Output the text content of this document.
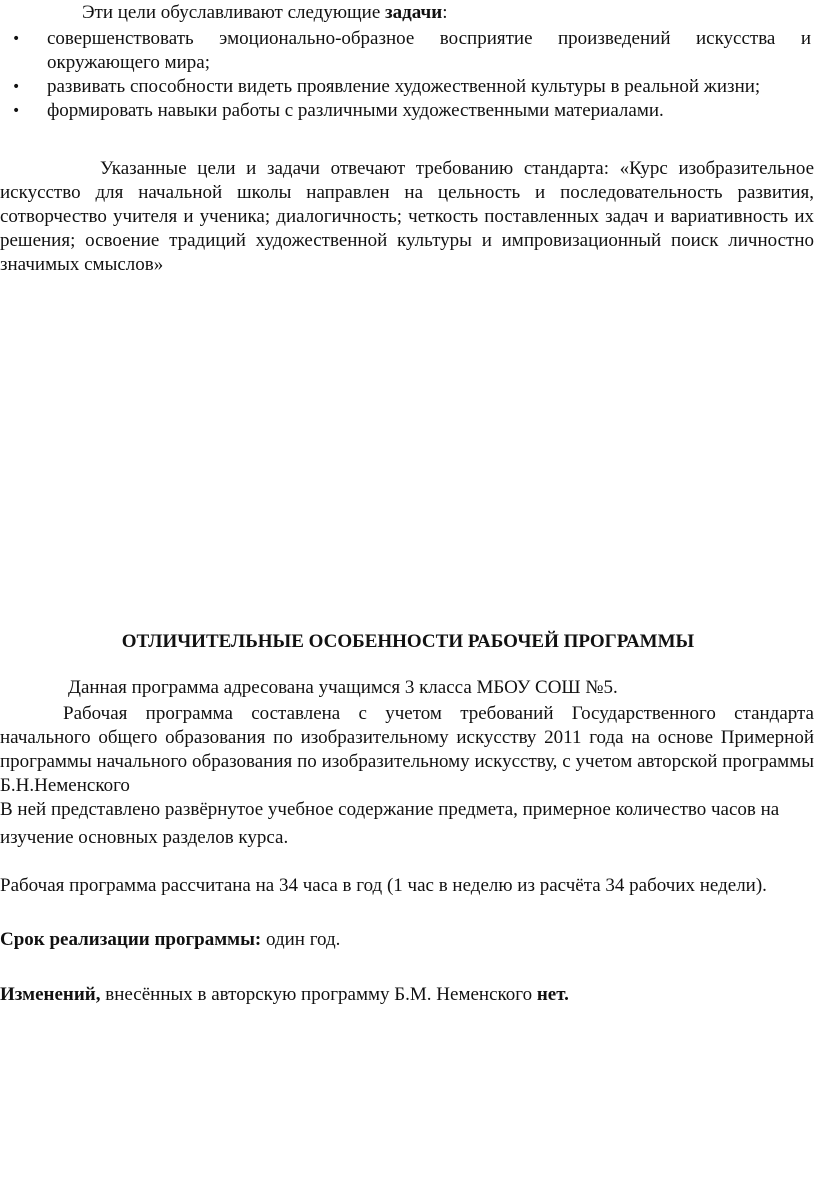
Эти цели обуславливают следующие задачи:
• совершенствовать эмоционально-образное восприятие произведений искусства и окружающего мира;
• развивать способности видеть проявление художественной культуры в реальной жизни;
• формировать навыки работы с различными художественными материалами.

Указанные цели и задачи отвечают требованию стандарта: «Курс изобразительное искусство для начальной школы направлен на цельность и последовательность развития, сотворчество учителя и ученика; диалогичность; четкость поставленных задач и вариативность их решения; освоение традиций художественной культуры и импровизационный поиск личностно значимых смыслов»

ОТЛИЧИТЕЛЬНЫЕ ОСОБЕННОСТИ РАБОЧЕЙ ПРОГРАММЫ
Данная программа адресована учащимся 3 класса МБОУ СОШ №5.

Рабочая программа составлена с учетом требований Государственного стандарта начального общего образования по изобразительному искусству 2011 года на основе Примерной программы начального образования по изобразительному искусству, с учетом авторской программы Б.Н.Неменского

В ней представлено развёрнутое учебное содержание предмета, примерное количество часов на изучение основных разделов курса.

Рабочая программа рассчитана на 34 часа в год (1 час в неделю из расчёта 34 рабочих недели).
Срок реализации программы: один год.
Изменений, внесённых в авторскую программу Б.М. Неменского нет.
